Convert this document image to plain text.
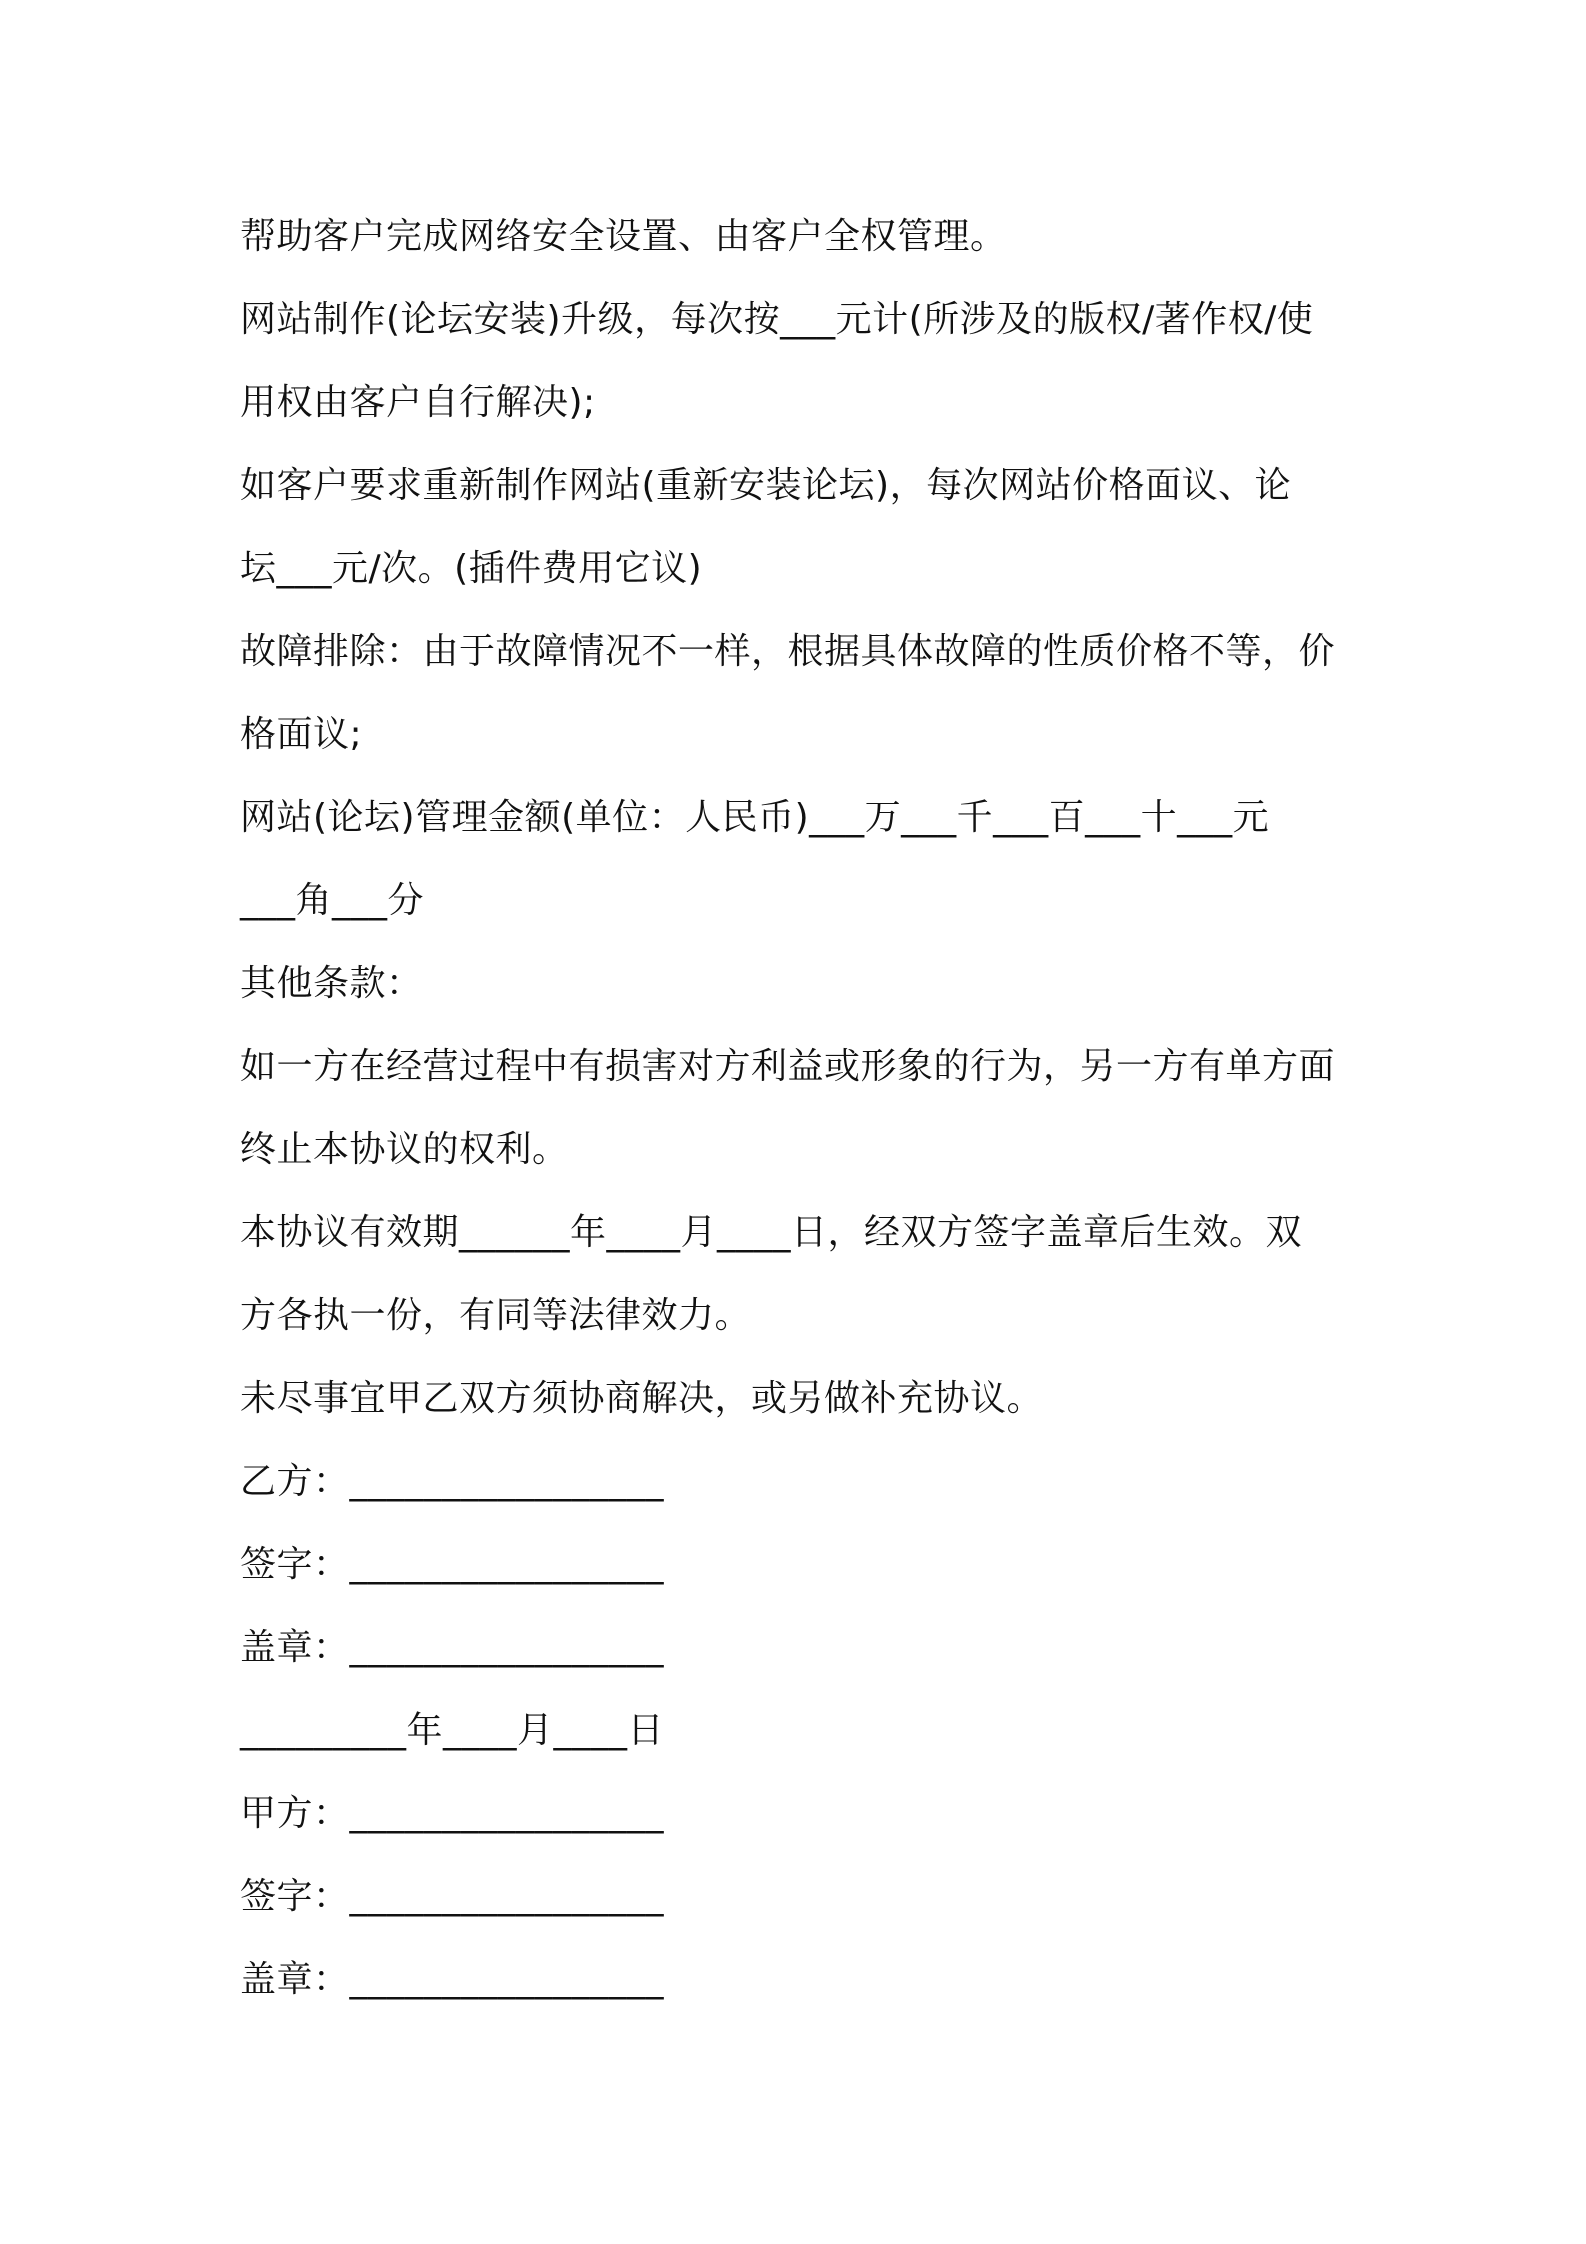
帮助客户完成网络安全设置、由客户全权管理。
网站制作(论坛安装)升级，每次按___元计(所涉及的版权/著作权/使
用权由客户自行解决);
如客户要求重新制作网站(重新安装论坛)，每次网站价格面议、论
坛___元/次。(插件费用它议)
故障排除：由于故障情况不一样，根据具体故障的性质价格不等，价
格面议;
网站(论坛)管理金额(单位：人民币)___万___千___百___十___元
___角___分
其他条款：
如一方在经营过程中有损害对方利益或形象的行为，另一方有单方面
终止本协议的权利。
本协议有效期______年____月____日，经双方签字盖章后生效。双
方各执一份，有同等法律效力。
未尽事宜甲乙双方须协商解决，或另做补充协议。
乙方：_________________
签字：_________________
盖章：_________________
_________年____月____日
甲方：_________________
签字：_________________
盖章：_________________
